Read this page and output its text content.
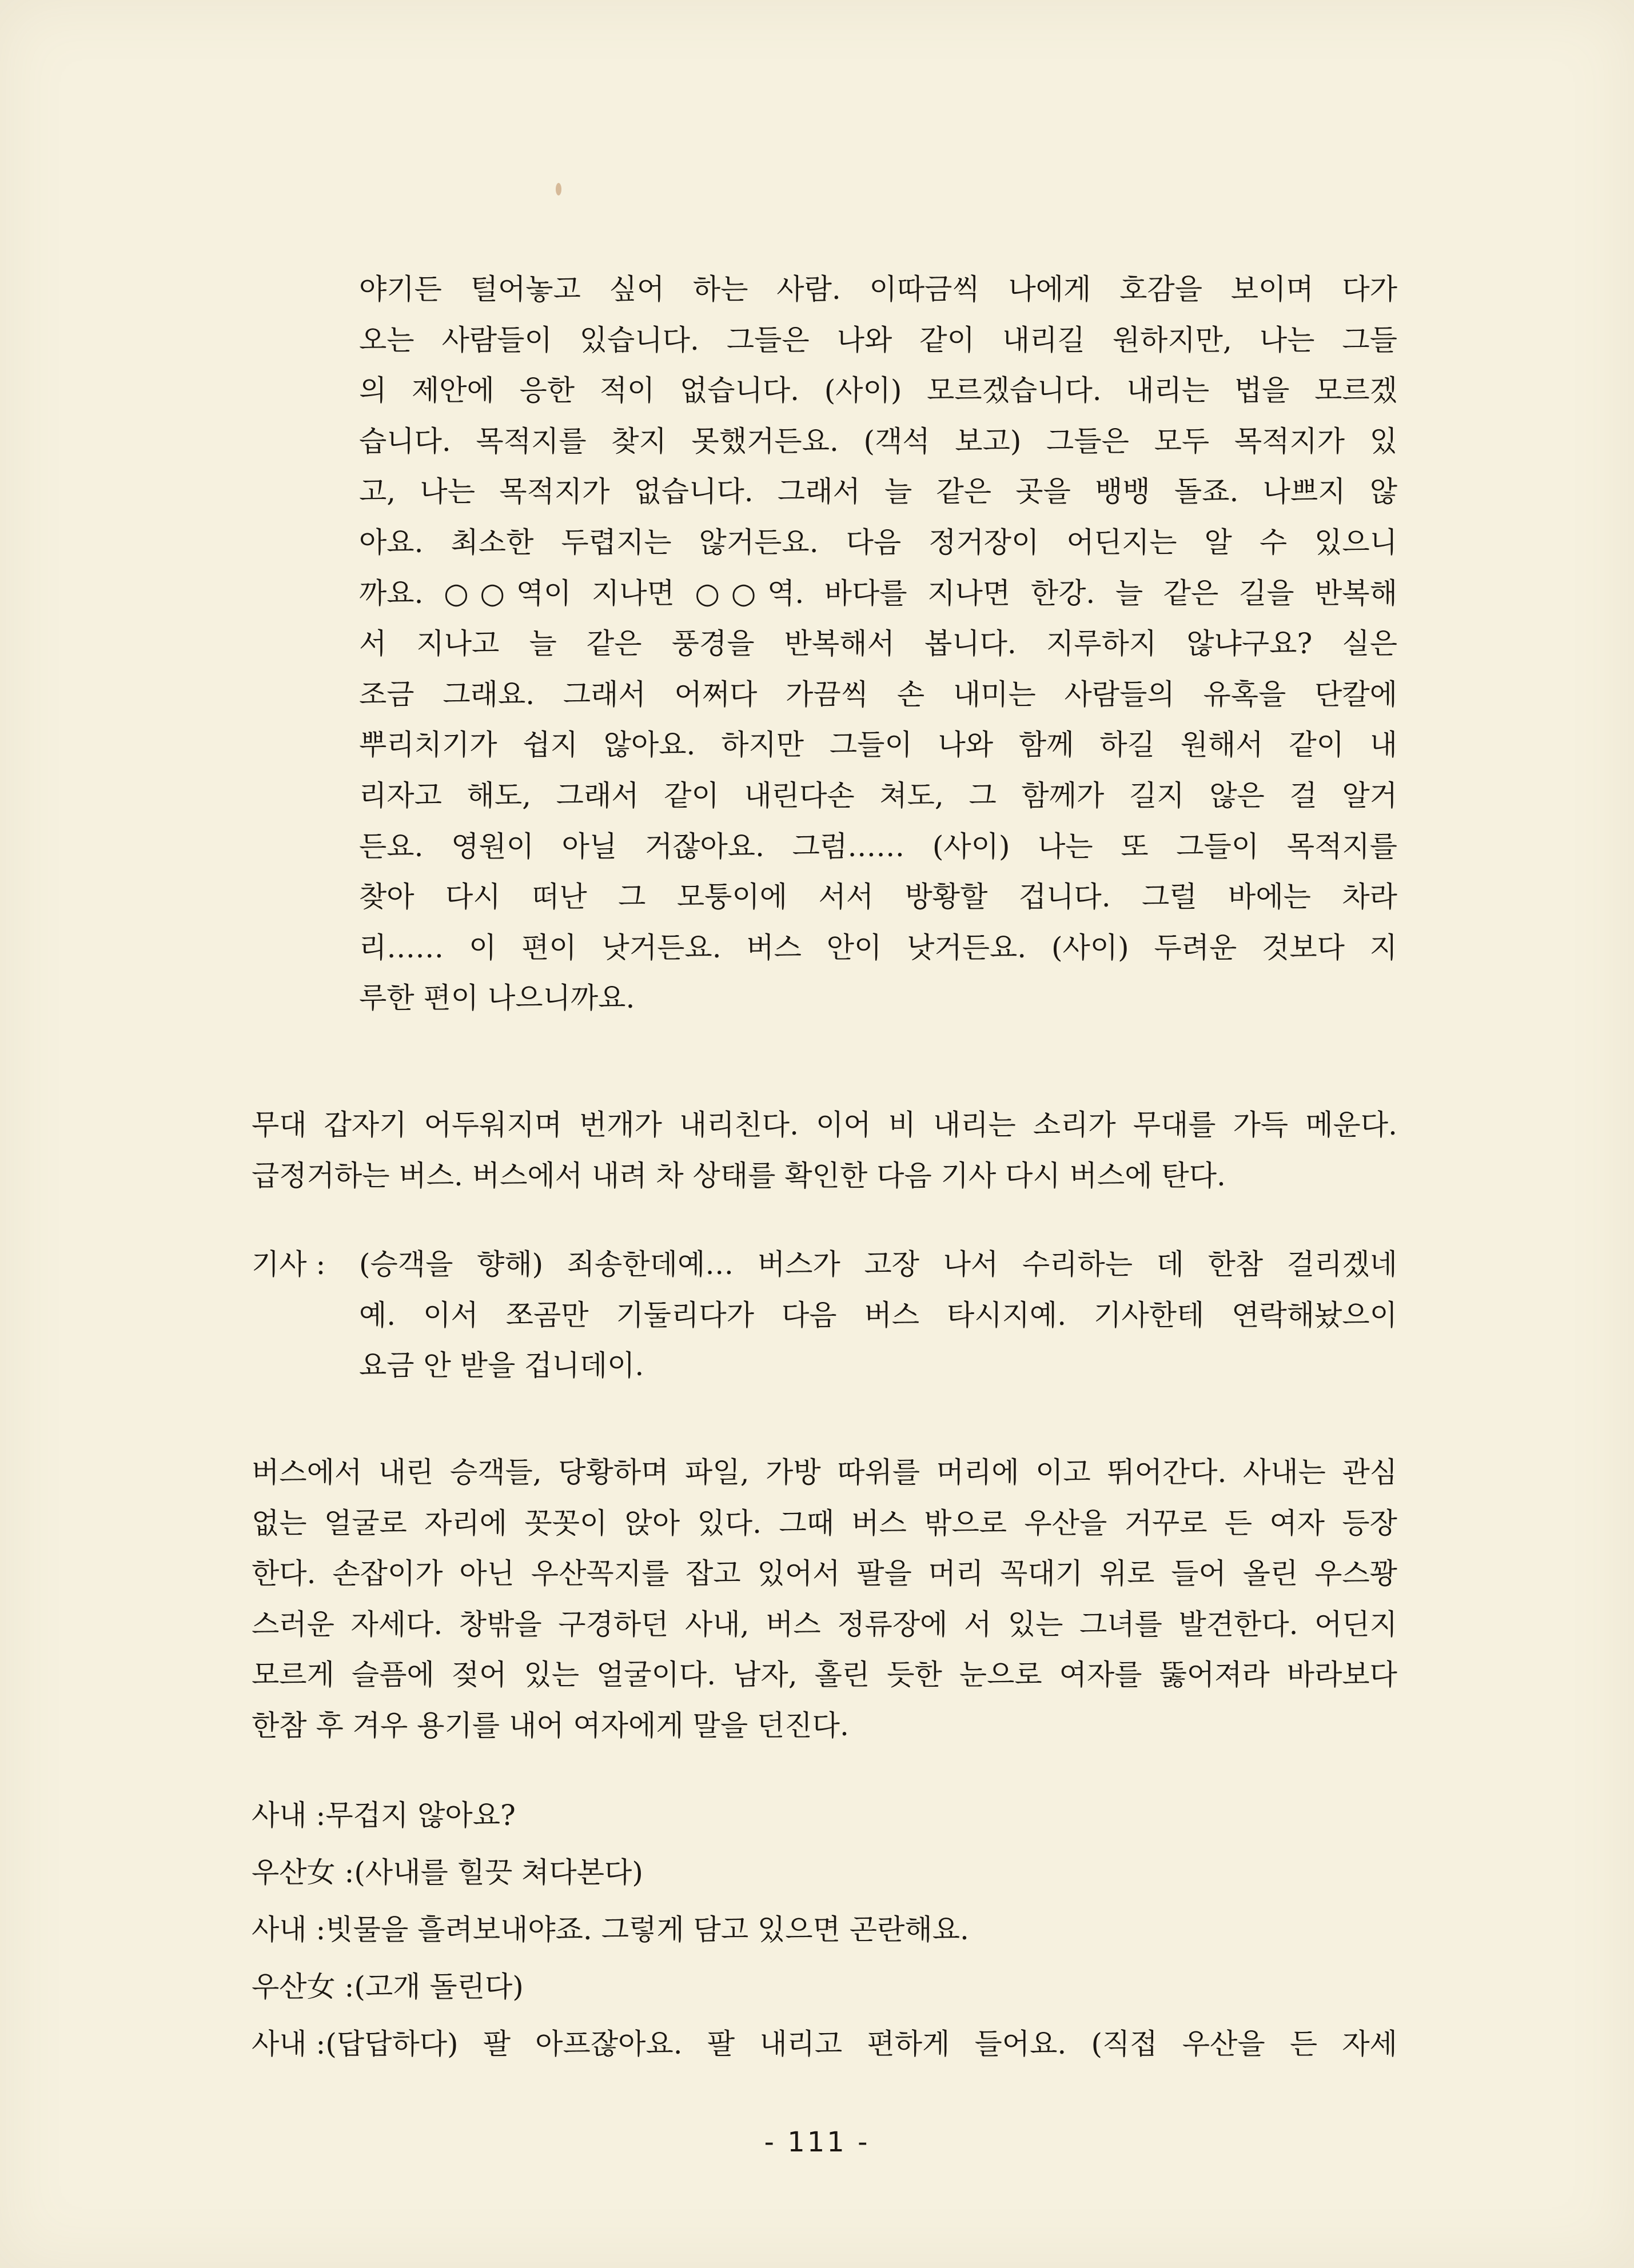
야기든 털어놓고 싶어 하는 사람. 이따금씩 나에게 호감을 보이며 다가
오는 사람들이 있습니다. 그들은 나와 같이 내리길 원하지만, 나는 그들
의 제안에 응한 적이 없습니다. (사이) 모르겠습니다. 내리는 법을 모르겠
습니다. 목적지를 찾지 못했거든요. (객석 보고) 그들은 모두 목적지가 있
고, 나는 목적지가 없습니다. 그래서 늘 같은 곳을 뱅뱅 돌죠. 나쁘지 않
아요. 최소한 두렵지는 않거든요. 다음 정거장이 어딘지는 알 수 있으니
까요. ○○역이 지나면 ○○역. 바다를 지나면 한강. 늘 같은 길을 반복해
서 지나고 늘 같은 풍경을 반복해서 봅니다. 지루하지 않냐구요? 실은
조금 그래요. 그래서 어쩌다 가끔씩 손 내미는 사람들의 유혹을 단칼에
뿌리치기가 쉽지 않아요. 하지만 그들이 나와 함께 하길 원해서 같이 내
리자고 해도, 그래서 같이 내린다손 쳐도, 그 함께가 길지 않은 걸 알거
든요. 영원이 아닐 거잖아요. 그럼…… (사이) 나는 또 그들이 목적지를
찾아 다시 떠난 그 모퉁이에 서서 방황할 겁니다. 그럴 바에는 차라
리…… 이 편이 낫거든요. 버스 안이 낫거든요. (사이) 두려운 것보다 지
루한 편이 나으니까요.
무대 갑자기 어두워지며 번개가 내리친다. 이어 비 내리는 소리가 무대를 가득 메운다.
급정거하는 버스. 버스에서 내려 차 상태를 확인한 다음 기사 다시 버스에 탄다.
기사 :	(승객을 향해) 죄송한데예… 버스가 고장 나서 수리하는 데 한참 걸리겠네
예. 이서 쪼곰만 기둘리다가 다음 버스 타시지예. 기사한테 연락해놨으이
요금 안 받을 겁니데이.
버스에서 내린 승객들, 당황하며 파일, 가방 따위를 머리에 이고 뛰어간다. 사내는 관심
없는 얼굴로 자리에 꼿꼿이 앉아 있다. 그때 버스 밖으로 우산을 거꾸로 든 여자 등장
한다. 손잡이가 아닌 우산꼭지를 잡고 있어서 팔을 머리 꼭대기 위로 들어 올린 우스꽝
스러운 자세다. 창밖을 구경하던 사내, 버스 정류장에 서 있는 그녀를 발견한다. 어딘지
모르게 슬픔에 젖어 있는 얼굴이다. 남자, 홀린 듯한 눈으로 여자를 뚫어져라 바라보다
한참 후 겨우 용기를 내어 여자에게 말을 던진다.
사내 : 무겁지 않아요?
우산女 : (사내를 힐끗 쳐다본다)
사내 : 빗물을 흘려보내야죠. 그렇게 담고 있으면 곤란해요.
우산女 : (고개 돌린다)
사내 : (답답하다) 팔 아프잖아요. 팔 내리고 편하게 들어요. (직접 우산을 든 자세
- 111 -
